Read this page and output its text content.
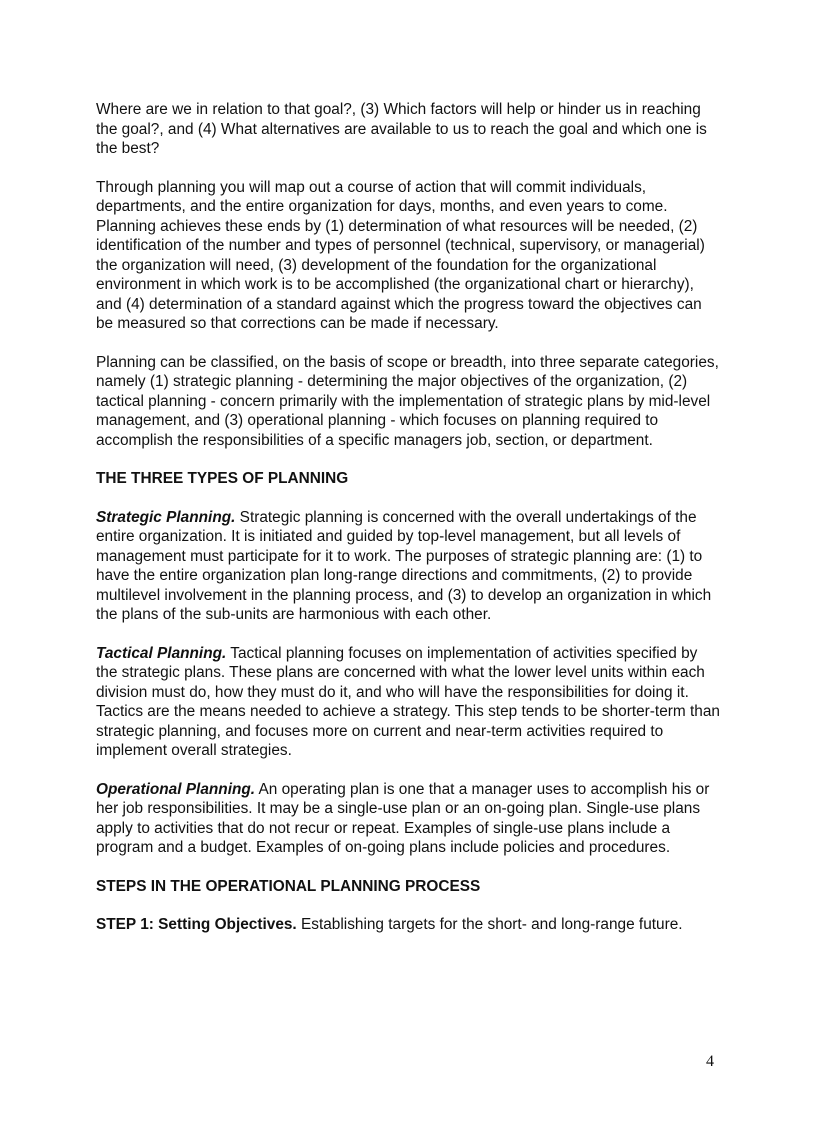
Where are we in relation to that goal?, (3) Which factors will help or hinder us in reaching the goal?, and (4) What alternatives are available to us to reach the goal and which one is the best?

Through planning you will map out a course of action that will commit individuals, departments, and the entire organization for days, months, and even years to come. Planning achieves these ends by (1) determination of what resources will be needed, (2) identification of the number and types of personnel (technical, supervisory, or managerial) the organization will need, (3) development of the foundation for the organizational environment in which work is to be accomplished (the organizational chart or hierarchy), and (4) determination of a standard against which the progress toward the objectives can be measured so that corrections can be made if necessary.

Planning can be classified, on the basis of scope or breadth, into three separate categories, namely (1) strategic planning - determining the major objectives of the organization, (2) tactical planning - concern primarily with the implementation of strategic plans by mid-level management, and (3) operational planning - which focuses on planning required to accomplish the responsibilities of a specific managers job, section, or department.

THE THREE TYPES OF PLANNING

Strategic Planning. Strategic planning is concerned with the overall undertakings of the entire organization. It is initiated and guided by top-level management, but all levels of management must participate for it to work. The purposes of strategic planning are: (1) to have the entire organization plan long-range directions and commitments, (2) to provide multilevel involvement in the planning process, and (3) to develop an organization in which the plans of the sub-units are harmonious with each other.

Tactical Planning. Tactical planning focuses on implementation of activities specified by the strategic plans. These plans are concerned with what the lower level units within each division must do, how they must do it, and who will have the responsibilities for doing it. Tactics are the means needed to achieve a strategy. This step tends to be shorter-term than strategic planning, and focuses more on current and near-term activities required to implement overall strategies.

Operational Planning. An operating plan is one that a manager uses to accomplish his or her job responsibilities. It may be a single-use plan or an on-going plan. Single-use plans apply to activities that do not recur or repeat. Examples of single-use plans include a program and a budget. Examples of on-going plans include policies and procedures.

STEPS IN THE OPERATIONAL PLANNING PROCESS

STEP 1: Setting Objectives. Establishing targets for the short- and long-range future.

4
